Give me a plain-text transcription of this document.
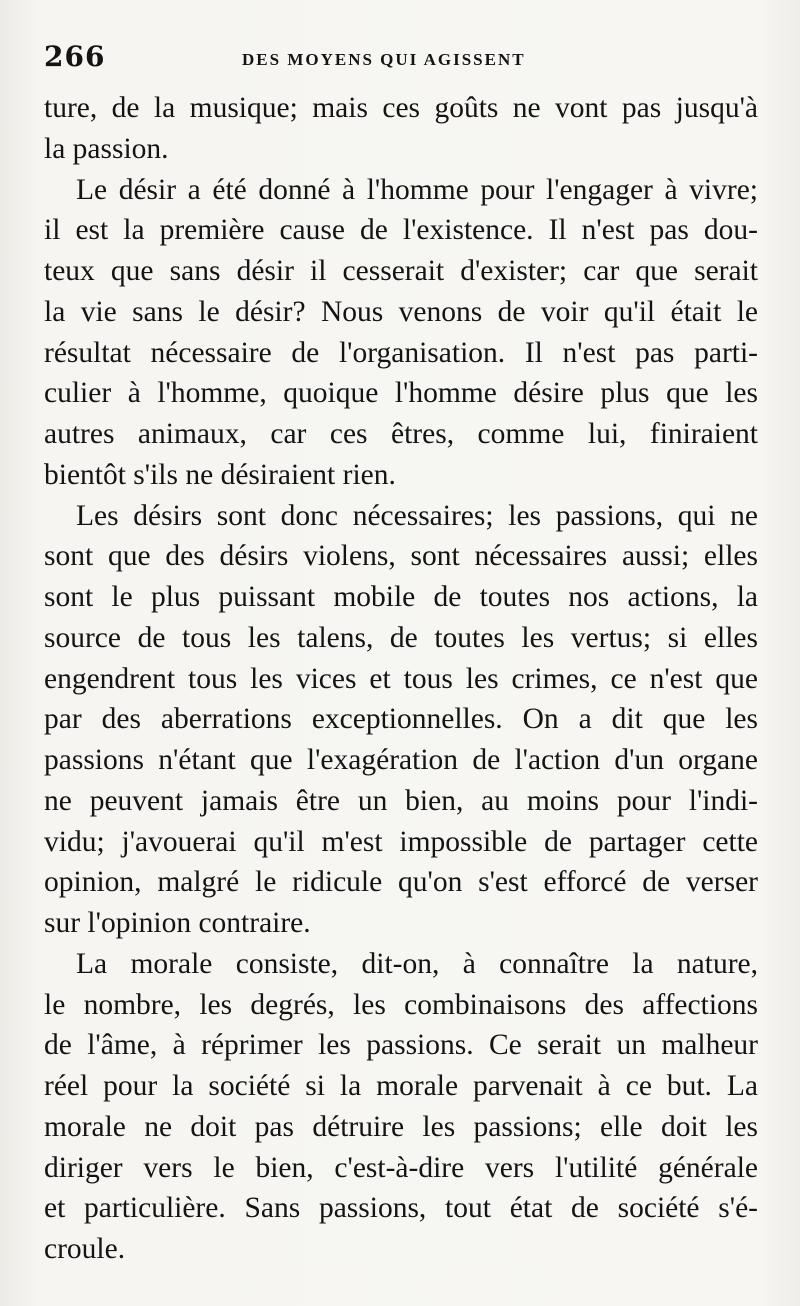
266	DES MOYENS QUI AGISSENT
ture, de la musique; mais ces goûts ne vont pas jusqu'à
la passion.
Le désir a été donné à l'homme pour l'engager à vivre;
il est la première cause de l'existence. Il n'est pas dou-
teux que sans désir il cesserait d'exister; car que serait
la vie sans le désir? Nous venons de voir qu'il était le
résultat nécessaire de l'organisation. Il n'est pas parti-
culier à l'homme, quoique l'homme désire plus que les
autres animaux, car ces êtres, comme lui, finiraient
bientôt s'ils ne désiraient rien.
Les désirs sont donc nécessaires; les passions, qui ne
sont que des désirs violens, sont nécessaires aussi; elles
sont le plus puissant mobile de toutes nos actions, la
source de tous les talens, de toutes les vertus; si elles
engendrent tous les vices et tous les crimes, ce n'est que
par des aberrations exceptionnelles. On a dit que les
passions n'étant que l'exagération de l'action d'un organe
ne peuvent jamais être un bien, au moins pour l'indi-
vidu; j'avouerai qu'il m'est impossible de partager cette
opinion, malgré le ridicule qu'on s'est efforcé de verser
sur l'opinion contraire.
La morale consiste, dit-on, à connaître la nature,
le nombre, les degrés, les combinaisons des affections
de l'âme, à réprimer les passions. Ce serait un malheur
réel pour la société si la morale parvenait à ce but. La
morale ne doit pas détruire les passions; elle doit les
diriger vers le bien, c'est-à-dire vers l'utilité générale
et particulière. Sans passions, tout état de société s'é-
croule.
